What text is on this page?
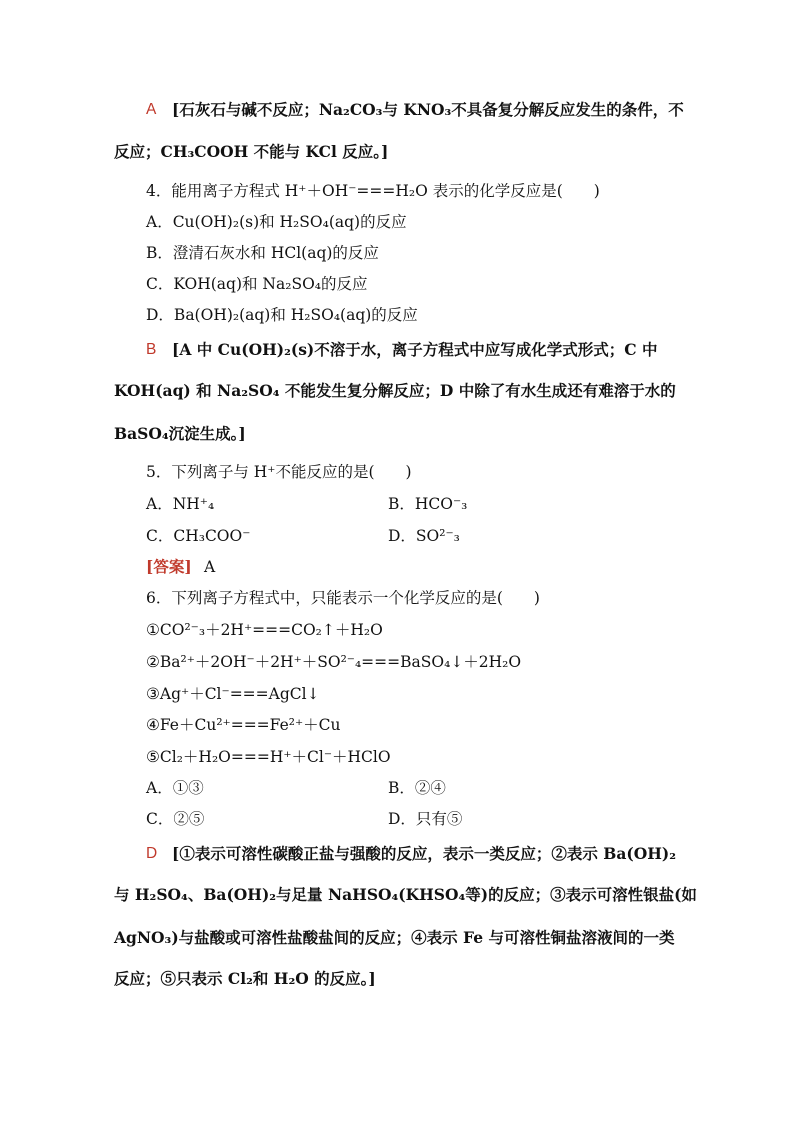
A [石灰石与碱不反应；Na₂CO₃与 KNO₃不具备复分解反应发生的条件，不
反应；CH₃COOH 不能与 KCl 反应。]
4．能用离子方程式 H⁺＋OH⁻===H₂O 表示的化学反应是(　　)
A．Cu(OH)₂(s)和 H₂SO₄(aq)的反应
B．澄清石灰水和 HCl(aq)的反应
C．KOH(aq)和 Na₂SO₄的反应
D．Ba(OH)₂(aq)和 H₂SO₄(aq)的反应
B [A 中 Cu(OH)₂(s)不溶于水，离子方程式中应写成化学式形式；C 中
KOH(aq) 和 Na₂SO₄ 不能发生复分解反应；D 中除了有水生成还有难溶于水的
BaSO₄沉淀生成。]
5．下列离子与 H⁺不能反应的是(　　)
A．NH⁺₄	B．HCO⁻₃
C．CH₃COO⁻	D．SO²⁻₃
[答案] A
6．下列离子方程式中，只能表示一个化学反应的是(　　)
①CO²⁻₃＋2H⁺===CO₂↑＋H₂O
②Ba²⁺＋2OH⁻＋2H⁺＋SO²⁻₄===BaSO₄↓＋2H₂O
③Ag⁺＋Cl⁻===AgCl↓
④Fe＋Cu²⁺===Fe²⁺＋Cu
⑤Cl₂＋H₂O===H⁺＋Cl⁻＋HClO
A．①③	B．②④
C．②⑤	D．只有⑤
D [①表示可溶性碳酸正盐与强酸的反应，表示一类反应；②表示 Ba(OH)₂
与 H₂SO₄、Ba(OH)₂与足量 NaHSO₄(KHSO₄等)的反应；③表示可溶性银盐(如
AgNO₃)与盐酸或可溶性盐酸盐间的反应；④表示 Fe 与可溶性铜盐溶液间的一类
反应；⑤只表示 Cl₂和 H₂O 的反应。]
